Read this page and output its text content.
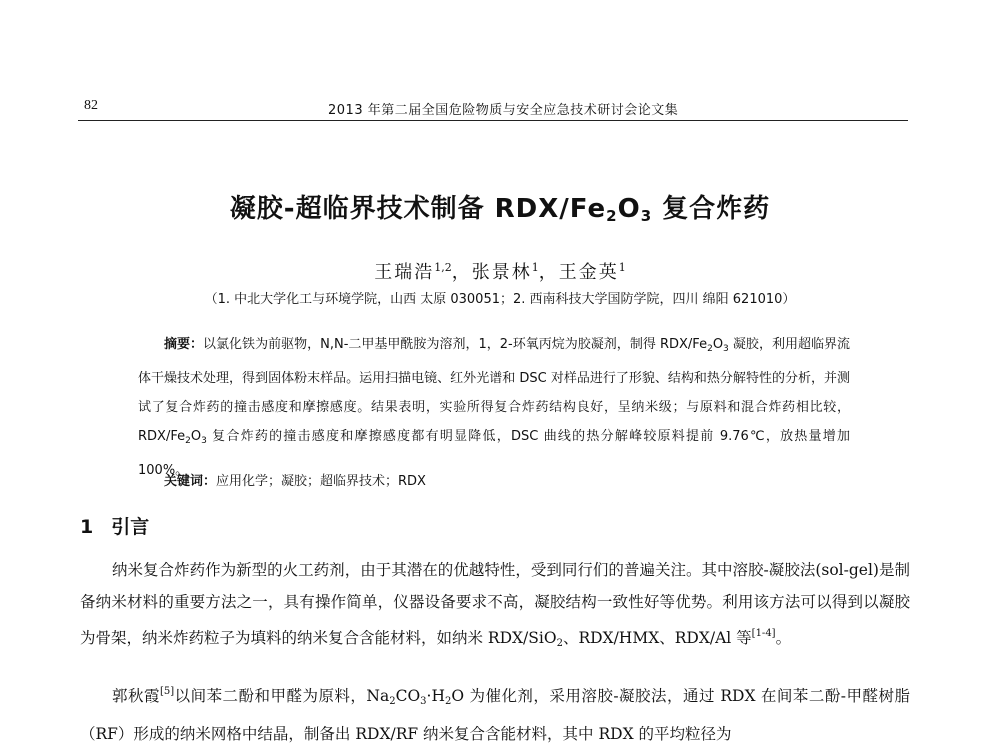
82	2013 年第二届全国危险物质与安全应急技术研讨会论文集
凝胶-超临界技术制备 RDX/$Fe_2O_3$ 复合炸药
王瑞浩$^{1,2}$，张景林$^1$，王金英$^1$
（1. 中北大学化工与环境学院，山西 太原 030051；2. 西南科技大学国防学院，四川 绵阳 621010）
摘要：以氯化铁为前驱物，N,N-二甲基甲酰胺为溶剂，1，2-环氧丙烷为胶凝剂，制得 RDX/$Fe_2O_3$ 凝胶，利用超临界流体干燥技术处理，得到固体粉末样品。运用扫描电镜、红外光谱和 DSC 对样品进行了形貌、结构和热分解特性的分析，并测试了复合炸药的撞击感度和摩擦感度。结果表明，实验所得复合炸药结构良好，呈纳米级；与原料和混合炸药相比较，RDX/$Fe_2O_3$ 复合炸药的撞击感度和摩擦感度都有明显降低，DSC 曲线的热分解峰较原料提前 9.76℃，放热量增加 100%。
关键词：应用化学；凝胶；超临界技术；RDX
1 引言
纳米复合炸药作为新型的火工药剂，由于其潜在的优越特性，受到同行们的普遍关注。其中溶胶-凝胶法(sol-gel)是制备纳米材料的重要方法之一，具有操作简单，仪器设备要求不高，凝胶结构一致性好等优势。利用该方法可以得到以凝胶为骨架，纳米炸药粒子为填料的纳米复合含能材料，如纳米 RDX/SiO$_2$、RDX/HMX、RDX/Al 等[1-4]。
郭秋霞[5]以间苯二酚和甲醛为原料，$Na_2CO_3\cdot H_2O$ 为催化剂，采用溶胶-凝胶法，通过 RDX 在间苯二酚-甲醛树脂（RF）形成的纳米网格中结晶，制备出 RDX/RF 纳米复合含能材料，其中 RDX 的平均粒径为
